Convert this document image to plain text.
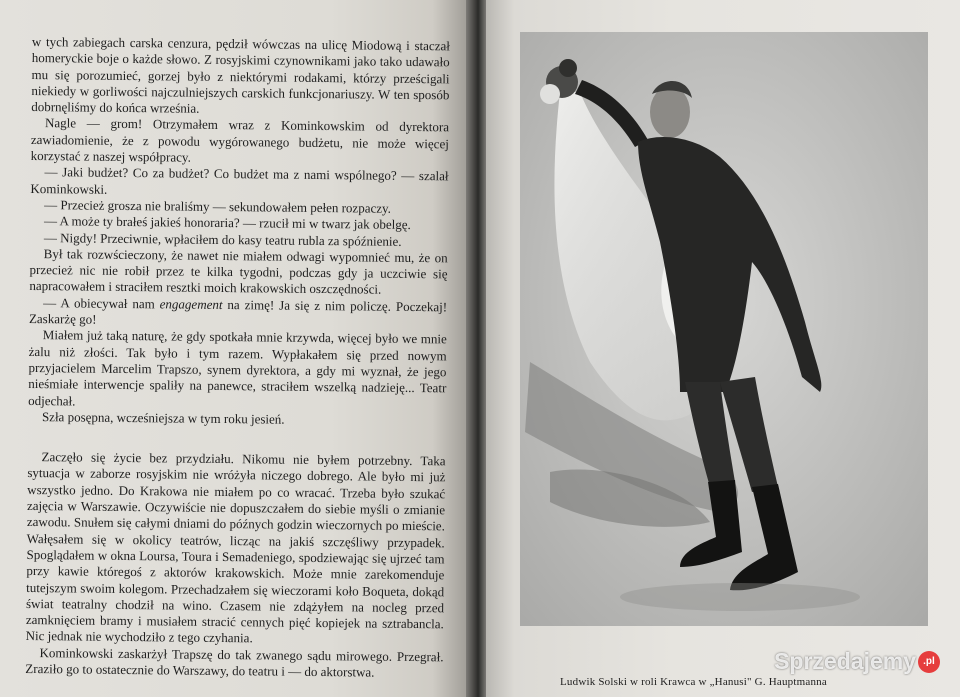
w tych zabiegach carska cenzura, pędził wówczas na ulicę Miodową i staczał homeryckie boje o każde słowo. Z rosyjskimi czynownikami jako tako udawało mu się porozumieć, gorzej było z niektórymi rodakami, którzy prześcigali niekiedy w gorliwości najczulniejszych carskich funkcjonariuszy. W ten sposób dobrnęliśmy do końca września.

Nagle — grom! Otrzymałem wraz z Kominkowskim od dyrektora zawiadomienie, że z powodu wygórowanego budżetu, nie może więcej korzystać z naszej współpracy.

— Jaki budżet? Co za budżet? Co budżet ma z nami wspólnego? — szalał Kominkowski.

— Przecież grosza nie braliśmy — sekundowałem pełen rozpaczy.

— A może ty brałeś jakieś honoraria? — rzucił mi w twarz jak obelgę.

— Nigdy! Przeciwnie, wpłaciłem do kasy teatru rubla za spóźnienie.

Był tak rozwścieczony, że nawet nie miałem odwagi wypomnieć mu, że on przecież nic nie robił przez te kilka tygodni, podczas gdy ja uczciwie się napracowałem i straciłem resztki moich krakowskich oszczędności.

— A obiecywał nam engagement na zimę! Ja się z nim policzę. Poczekaj! Zaskarżę go!

Miałem już taką naturę, że gdy spotkała mnie krzywda, więcej było we mnie żalu niż złości. Tak było i tym razem. Wypłakałem się przed nowym przyjacielem Marcelim Trapszo, synem dyrektora, a gdy mi wyznał, że jego nieśmiałe interwencje spaliły na panewce, straciłem wszelką nadzieję... Teatr odjechał.

Szła posępna, wcześniejsza w tym roku jesień.

Zaczęło się życie bez przydziału. Nikomu nie byłem potrzebny. Taka sytuacja w zaborze rosyjskim nie wróżyła niczego dobrego. Ale było mi już wszystko jedno. Do Krakowa nie miałem po co wracać. Trzeba było szukać zajęcia w Warszawie. Oczywiście nie dopuszczałem do siebie myśli o zmianie zawodu. Snułem się całymi dniami do późnych godzin wieczornych po mieście. Wałęsałem się w okolicy teatrów, licząc na jakiś szczęśliwy przypadek. Spoglądałem w okna Loursa, Toura i Semadeniego, spodziewając się ujrzeć tam przy kawie któregoś z aktorów krakowskich. Może mnie zarekomenduje tutejszym swoim kolegom. Przechadzałem się wieczorami koło Boqueta, dokąd świat teatralny chodził na wino. Czasem nie zdążyłem na nocleg przed zamknięciem bramy i musiałem stracić cennych pięć kopiejek na sztrabancla. Nic jednak nie wychodziło z tego czyhania.

Kominkowski zaskarżył Trapszę do tak zwanego sądu mirowego. Przegrał. Zraziło go to ostatecznie do Warszawy, do teatru i — do aktorstwa.

Ludwik Solski w roli Krawca w „Hanusi" G. Hauptmanna
Sprzedajemy .pl
